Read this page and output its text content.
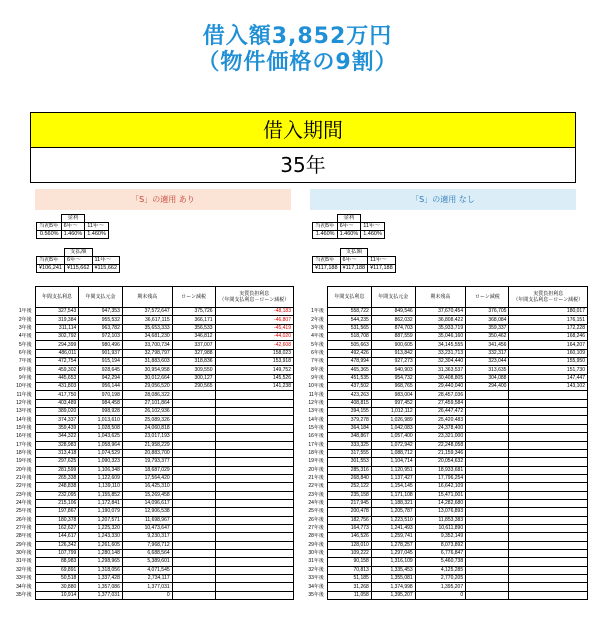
借入額3,852万円
（物件価格の9割）
借入期間
35年
「S」の適用 あり	「S」の適用 なし
	金利	
当初5年	6年～	11年～
0.560%	1.460%	1.460%
	支払額	
当初5年	6年～	11年～
¥106,241	¥115,662	¥115,662
	金利	
当初5年	6年～	11年～
1.460%	1.460%	1.460%
	支払額	
当初5年	6年～	11年～
¥117,188	¥117,188	¥117,188
	年間支払利息	年間支払元金	期末残高	ローン減税	実質負担利息
（年間支払利息－ローン減税）
1年後	327,543	947,353	37,572,647	375,726	-48,183
2年後	319,384	955,532	36,617,115	366,171	-46,807
3年後	311,114	963,782	35,653,333	356,533	-45,419
4年後	302,792	972,103	34,681,230	346,812	-44,020
5年後	294,399	980,496	33,700,734	337,007	-42,608
6年後	486,011	901,937	32,798,797	327,988	158,023
7年後	472,754	915,194	31,883,603	318,836	153,918
8年後	459,302	928,645	30,954,958	309,550	149,752
9年後	445,653	942,294	30,012,664	300,127	145,526
10年後	431,803	956,144	29,056,520	290,565	141,238
11年後	417,750	970,198	28,086,322		
12年後	403,489	984,458	27,101,864		
13年後	389,020	998,928	26,102,936		
14年後	374,337	1,013,610	25,089,326		
15年後	359,439	1,028,508	24,060,818		
16年後	344,322	1,043,625	23,017,193		
17年後	328,983	1,058,964	21,958,229		
18年後	313,418	1,074,529	20,883,700		
19年後	297,625	1,090,323	19,793,377		
20年後	281,599	1,106,348	18,687,029		
21年後	265,338	1,122,609	17,564,420		
22年後	248,838	1,139,110	16,425,310		
23年後	232,095	1,155,852	15,269,458		
24年後	215,106	1,172,841	14,096,617		
25年後	197,867	1,190,079	12,906,538		
26年後	180,378	1,207,571	11,698,967		
27年後	162,627	1,225,320	10,473,647		
28年後	144,617	1,243,330	9,230,317		
29年後	126,342	1,261,605	7,968,712		
30年後	107,799	1,280,148	6,688,564		
31年後	88,983	1,298,965	5,389,601		
32年後	69,891	1,318,056	4,071,545		
33年後	50,518	1,337,428	2,734,117		
34年後	30,880	1,357,086	1,377,031		
35年後	10,914	1,377,031	0		
	年間支払利息	年間支払元金	期末残高	ローン減税	実質負担利息
（年間支払利息－ローン減税）
1年後	558,722	849,546	37,670,454	376,705	180,017
2年後	544,235	862,032	36,808,422	368,084	176,151
3年後	531,565	874,703	35,933,719	359,337	172,228
4年後	518,708	887,559	35,046,160	350,462	168,246
5年後	505,663	900,605	34,145,555	341,456	164,207
6年後	492,426	913,842	33,231,713	332,317	160,109
7年後	478,994	927,273	32,304,440	323,044	155,950
8年後	465,365	940,903	31,363,537	313,635	151,730
9年後	451,535	954,732	30,408,805	304,088	147,447
10年後	437,502	968,765	29,440,040	294,400	143,102
11年後	423,263	983,004	28,457,036		
12年後	408,815	997,452	27,459,584		
13年後	394,155	1,012,112	26,447,472		
14年後	379,278	1,026,989	25,420,483		
15年後	364,184	1,042,083	24,378,400		
16年後	348,867	1,057,400	23,321,000		
17年後	333,325	1,072,942	22,248,058		
18年後	317,555	1,088,712	21,159,346		
19年後	301,553	1,104,714	20,054,632		
20年後	285,316	1,120,951	18,933,681		
21年後	268,840	1,137,427	17,796,254		
22年後	252,122	1,154,145	16,642,109		
23年後	235,158	1,171,108	15,471,001		
24年後	217,945	1,188,321	14,282,680		
25年後	200,478	1,205,787	13,076,893		
26年後	182,756	1,223,510	11,853,383		
27年後	164,773	1,241,493	10,611,890		
28年後	146,526	1,259,741	9,352,149		
29年後	128,010	1,278,257	8,073,892		
30年後	109,222	1,297,045	6,776,847		
31年後	90,158	1,316,109	5,460,738		
32年後	70,813	1,335,453	4,125,285		
33年後	51,185	1,355,081	2,770,205		
34年後	31,268	1,374,998	1,395,207		
35年後	11,058	1,395,207	0		
